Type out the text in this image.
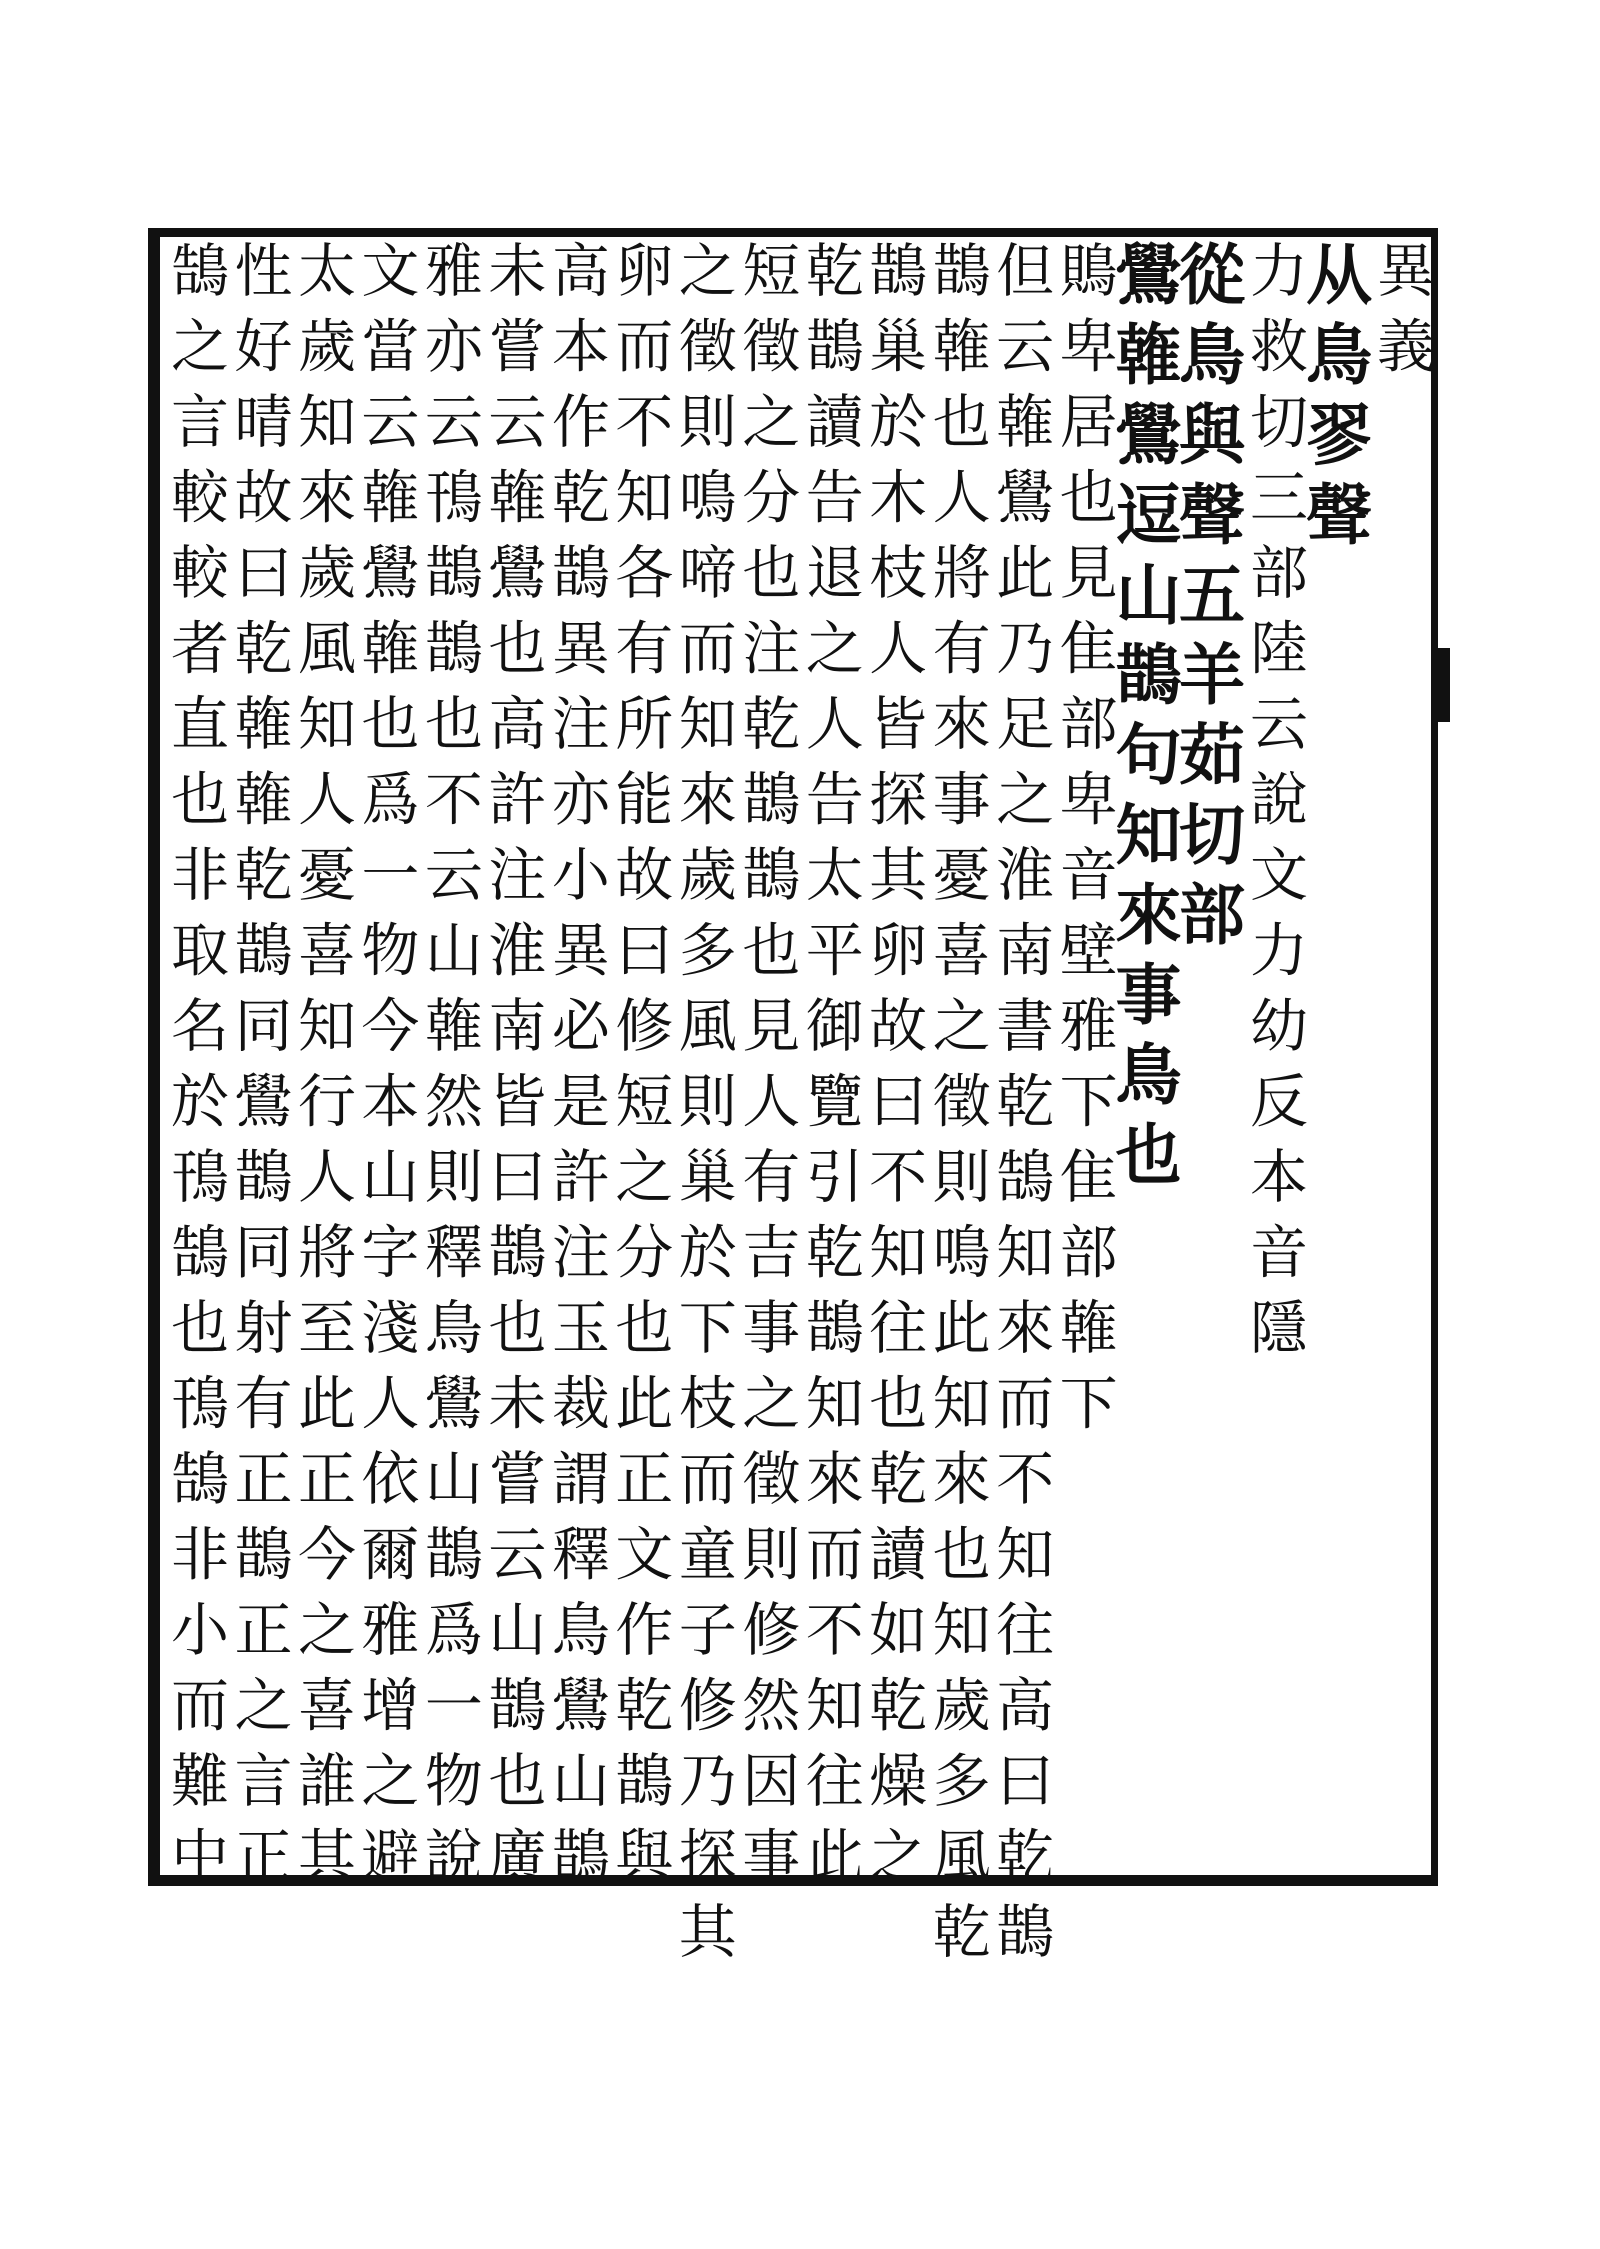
異義
从鳥翏聲
力救切三部陸云說文力幼反本音隱
從鳥與聲五羊茹切部
鷽雗鷽逗山鵲句知來事鳥也
鵙卑居也見隹部卑音壁雅下隹部雗下
但云雗鷽此乃足之淮南書乾鵠知來而不知往高曰乾鵲
鵲雗也人將有來事憂喜之徵則鳴此知來也知歲多風乾
鵲巢於木枝人皆探其卵故曰不知往也乾讀如乾燥之
乾鵲讀告退之人告太平御覽引乾鵲知來而不知往此
短徵之分也注乾鵲鵲也見人有吉事之徵則修然因事
之徵則鳴啼而知來歲多風則巢於下枝而童子修乃探其
卵而不知各有所能故曰修短之分也此正文作乾鵲與
高本作乾鵲異注亦小異必是許注玉裁謂釋鳥鷽山鵲
未嘗云雗鷽也高許注淮南皆曰鵲也未嘗云山鵲也廣
雅亦云鳱鵲鵲也不云山雗然則釋鳥鷽山鵲爲一物說
文當云雗鷽雗也爲一物今本山字淺人依爾雅增之避
太歲知來歲風知人憂喜知行人將至此正今之喜誰其
性好晴故曰乾雗雗乾鵲同鷽鵲同射有正鵲正之言正
鵠之言較較者直也非取名於鳱鵠也鳱鵠非小而難中
